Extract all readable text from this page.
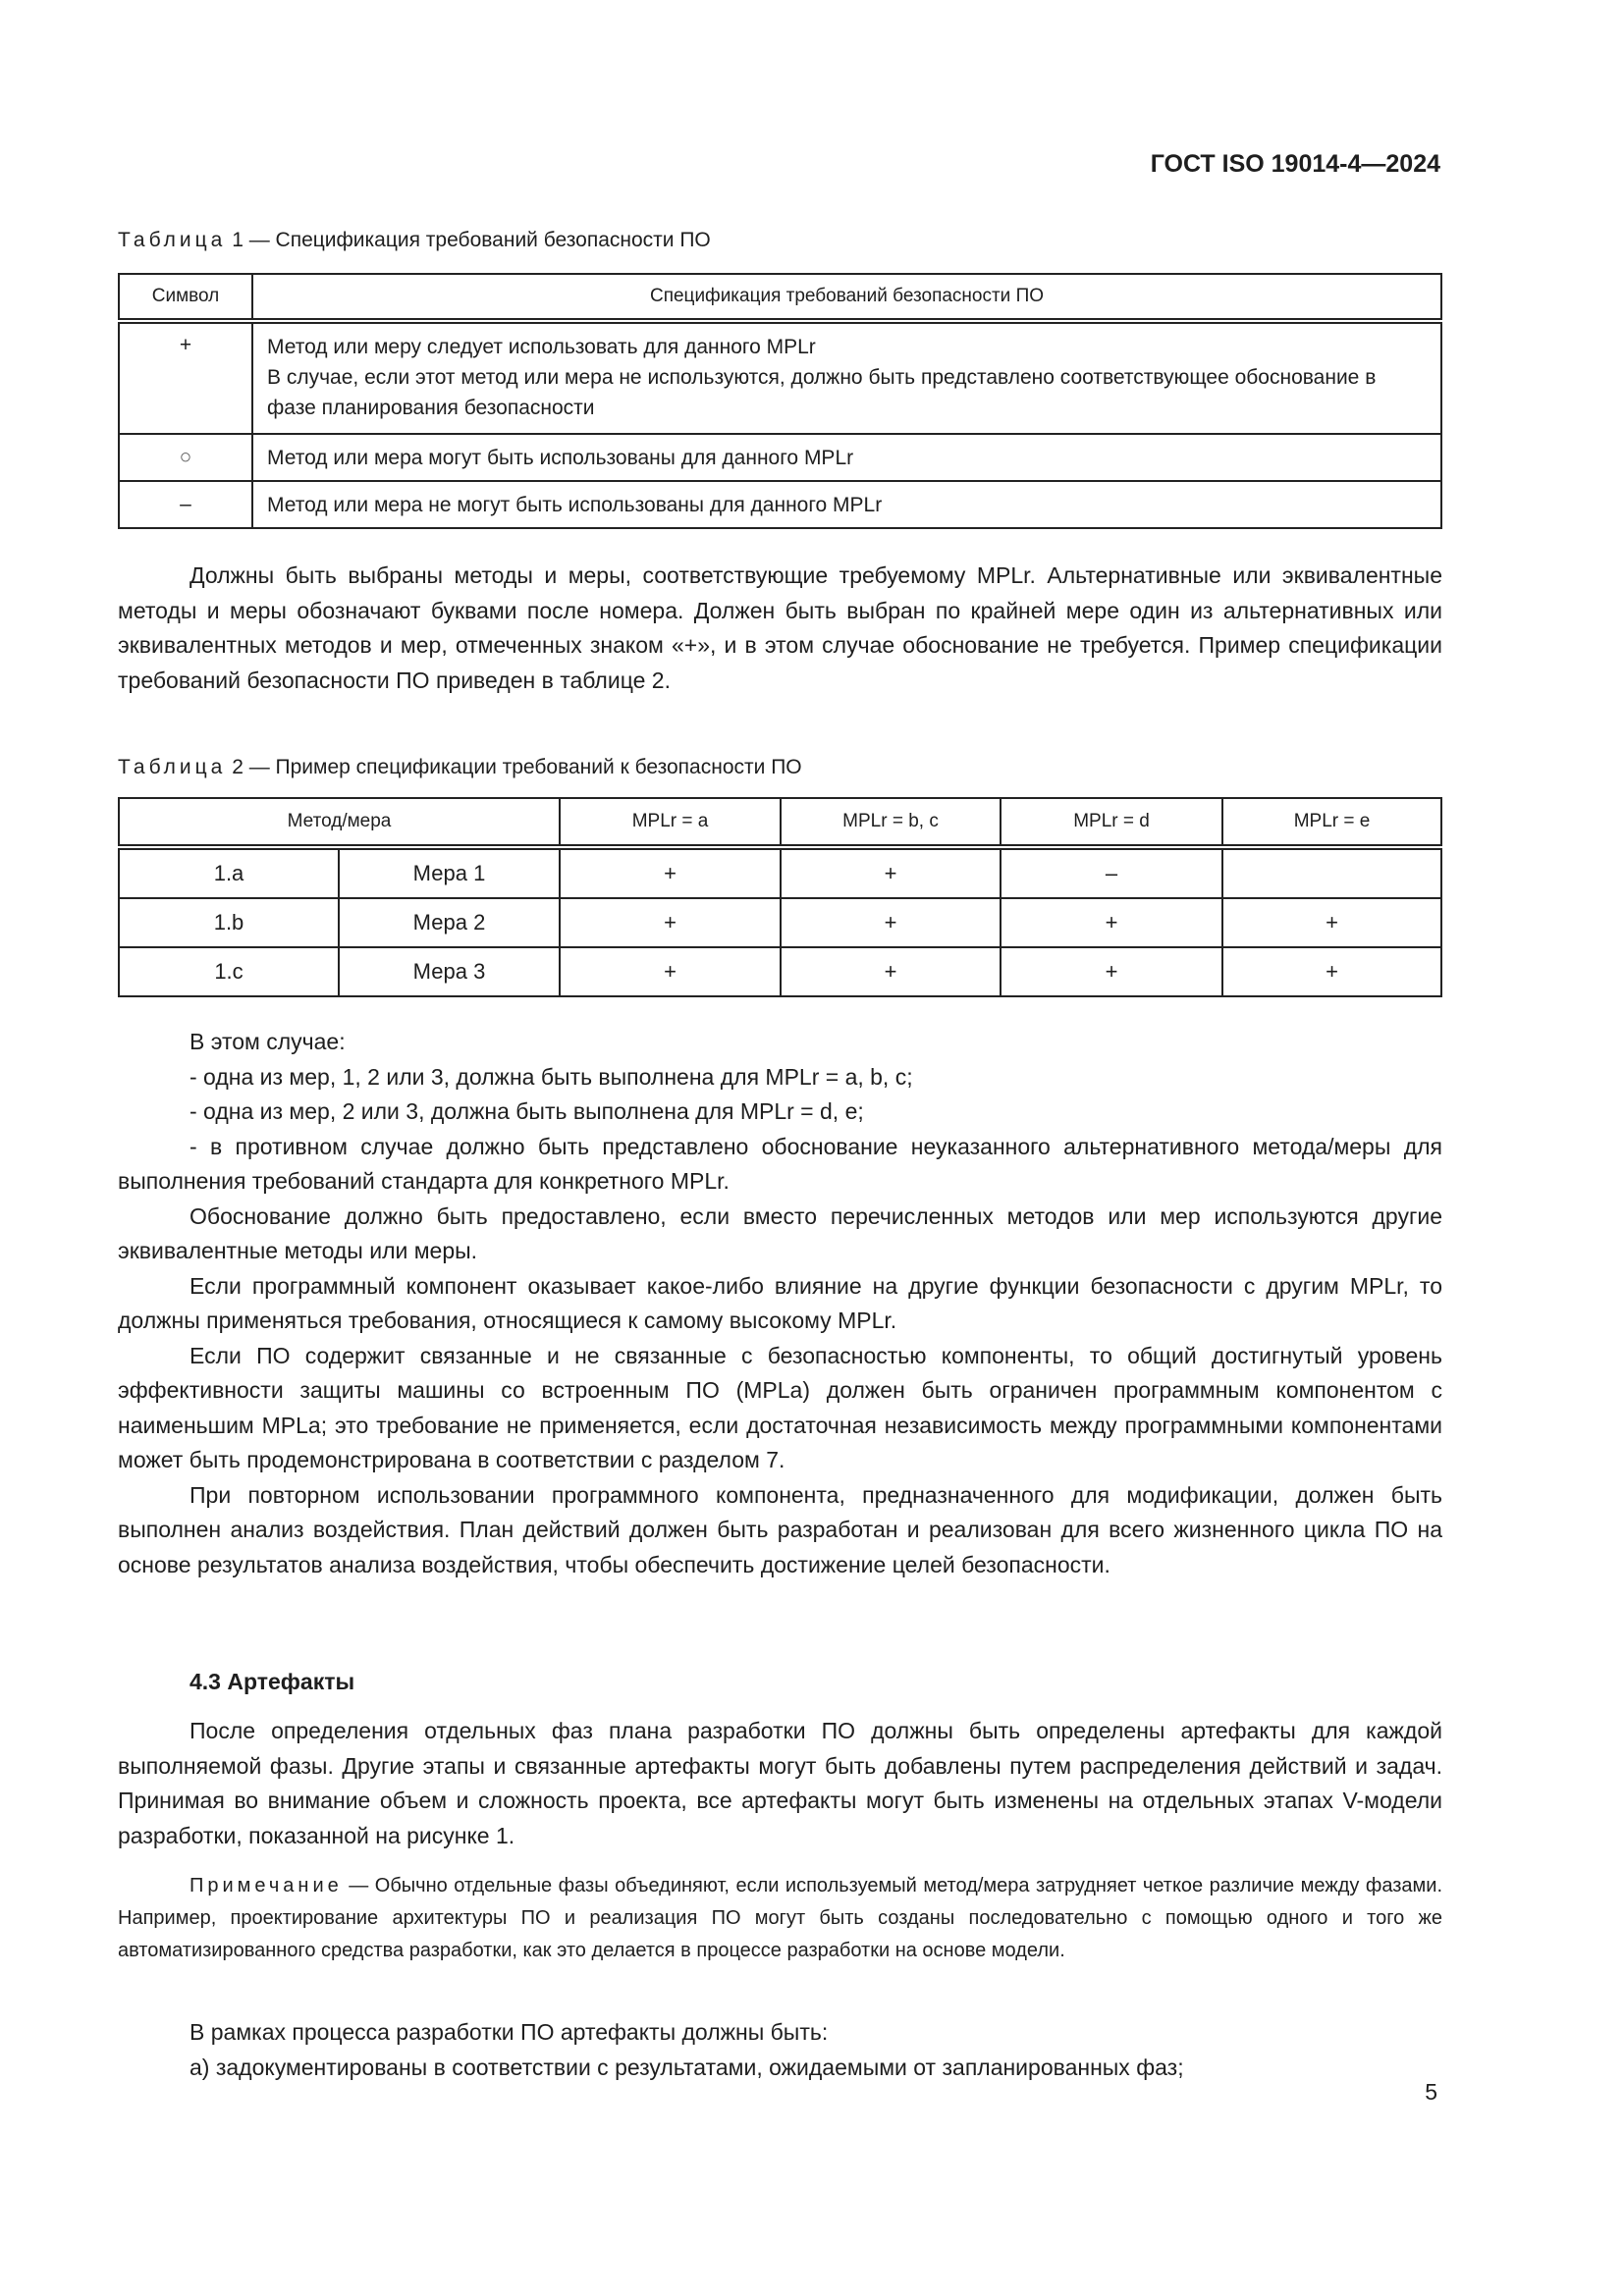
ГОСТ ISO 19014-4—2024
Таблица 1 — Спецификация требований безопасности ПО
Символ	Спецификация требований безопасности ПО
+	Метод или меру следует использовать для данного MPLr
В случае, если этот метод или мера не используются, должно быть представлено соответствующее обоснование в фазе планирования безопасности

○	Метод или мера могут быть использованы для данного MPLr
–	Метод или мера не могут быть использованы для данного MPLr

Должны быть выбраны методы и меры, соответствующие требуемому MPLr. Альтернативные или эквивалентные методы и меры обозначают буквами после номера. Должен быть выбран по крайней мере один из альтернативных или эквивалентных методов и мер, отмеченных знаком «+», и в этом случае обоснование не требуется. Пример спецификации требований безопасности ПО приведен в таблице 2.

Таблица 2 — Пример спецификации требований к безопасности ПО
Метод/мера		MPLr = a	MPLr = b, c	MPLr = d	MPLr = e
1.a	Мера 1	+	+	–	
1.b	Мера 2	+	+	+	+
1.c	Мера 3	+	+	+	+

В этом случае:

- одна из мер, 1, 2 или 3, должна быть выполнена для MPLr = a, b, c;

- одна из мер, 2 или 3, должна быть выполнена для MPLr = d, e;

- в противном случае должно быть представлено обоснование неуказанного альтернативного метода/меры для выполнения требований стандарта для конкретного MPLr.

Обоснование должно быть предоставлено, если вместо перечисленных методов или мер используются другие эквивалентные методы или меры.

Если программный компонент оказывает какое-либо влияние на другие функции безопасности с другим MPLr, то должны применяться требования, относящиеся к самому высокому MPLr.

Если ПО содержит связанные и не связанные с безопасностью компоненты, то общий достигнутый уровень эффективности защиты машины со встроенным ПО (MPLa) должен быть ограничен программным компонентом с наименьшим MPLa; это требование не применяется, если достаточная независимость между программными компонентами может быть продемонстрирована в соответствии с разделом 7.

При повторном использовании программного компонента, предназначенного для модификации, должен быть выполнен анализ воздействия. План действий должен быть разработан и реализован для всего жизненного цикла ПО на основе результатов анализа воздействия, чтобы обеспечить достижение целей безопасности.

4.3 Артефакты

После определения отдельных фаз плана разработки ПО должны быть определены артефакты для каждой выполняемой фазы. Другие этапы и связанные артефакты могут быть добавлены путем распределения действий и задач. Принимая во внимание объем и сложность проекта, все артефакты могут быть изменены на отдельных этапах V-модели разработки, показанной на рисунке 1.

Примечание — Обычно отдельные фазы объединяют, если используемый метод/мера затрудняет четкое различие между фазами. Например, проектирование архитектуры ПО и реализация ПО могут быть созданы последовательно с помощью одного и того же автоматизированного средства разработки, как это делается в процессе разработки на основе модели.

В рамках процесса разработки ПО артефакты должны быть:

а) задокументированы в соответствии с результатами, ожидаемыми от запланированных фаз;

5
